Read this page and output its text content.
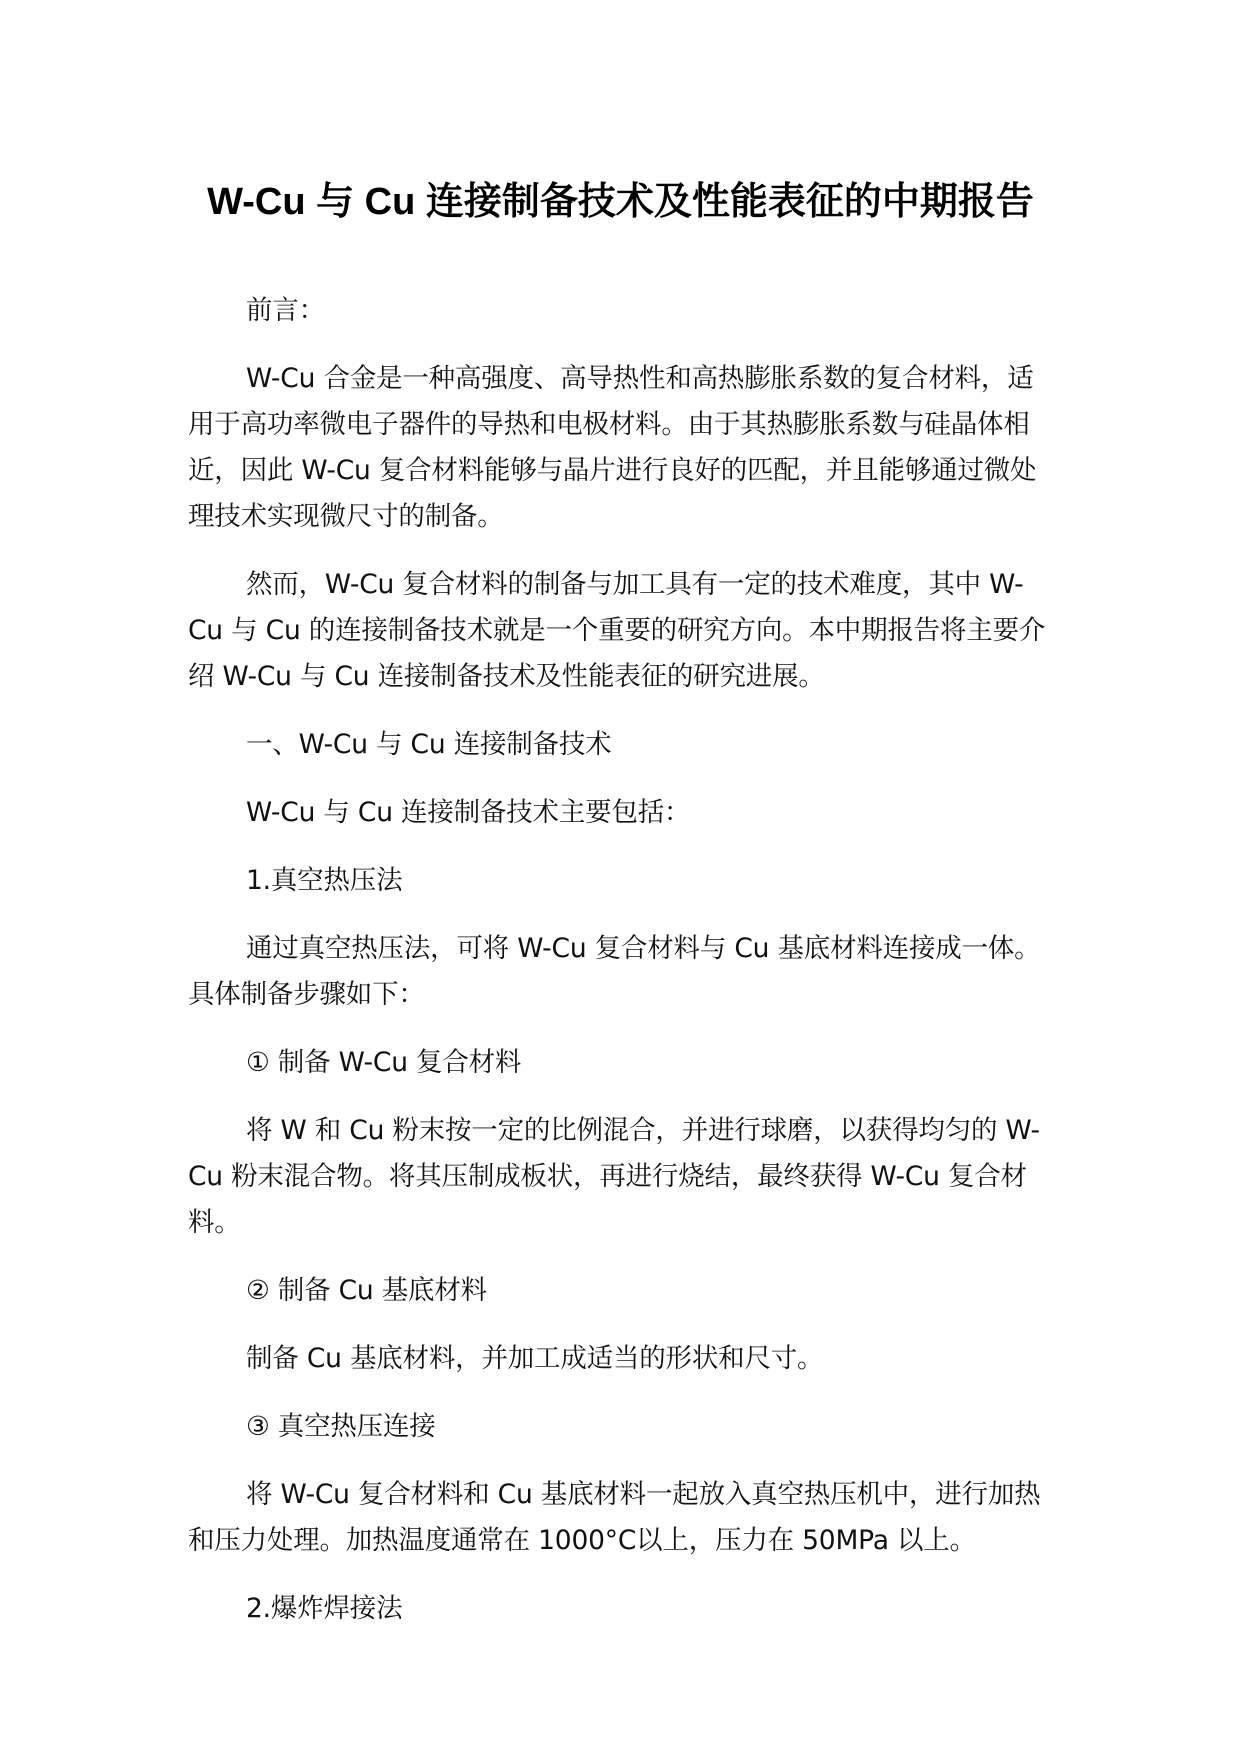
W-Cu 与 Cu 连接制备技术及性能表征的中期报告

前言：

W-Cu 合金是一种高强度、高导热性和高热膨胀系数的复合材料，适用于高功率微电子器件的导热和电极材料。由于其热膨胀系数与硅晶体相近，因此 W-Cu 复合材料能够与晶片进行良好的匹配，并且能够通过微处理技术实现微尺寸的制备。

然而，W-Cu 复合材料的制备与加工具有一定的技术难度，其中 W-Cu 与 Cu 的连接制备技术就是一个重要的研究方向。本中期报告将主要介绍 W-Cu 与 Cu 连接制备技术及性能表征的研究进展。

一、W-Cu 与 Cu 连接制备技术

W-Cu 与 Cu 连接制备技术主要包括：

1.真空热压法

通过真空热压法，可将 W-Cu 复合材料与 Cu 基底材料连接成一体。具体制备步骤如下：

① 制备 W-Cu 复合材料

将 W 和 Cu 粉末按一定的比例混合，并进行球磨，以获得均匀的 W-Cu 粉末混合物。将其压制成板状，再进行烧结，最终获得 W-Cu 复合材料。

② 制备 Cu 基底材料

制备 Cu 基底材料，并加工成适当的形状和尺寸。

③ 真空热压连接

将 W-Cu 复合材料和 Cu 基底材料一起放入真空热压机中，进行加热和压力处理。加热温度通常在 1000°C以上，压力在 50MPa 以上。

2.爆炸焊接法
